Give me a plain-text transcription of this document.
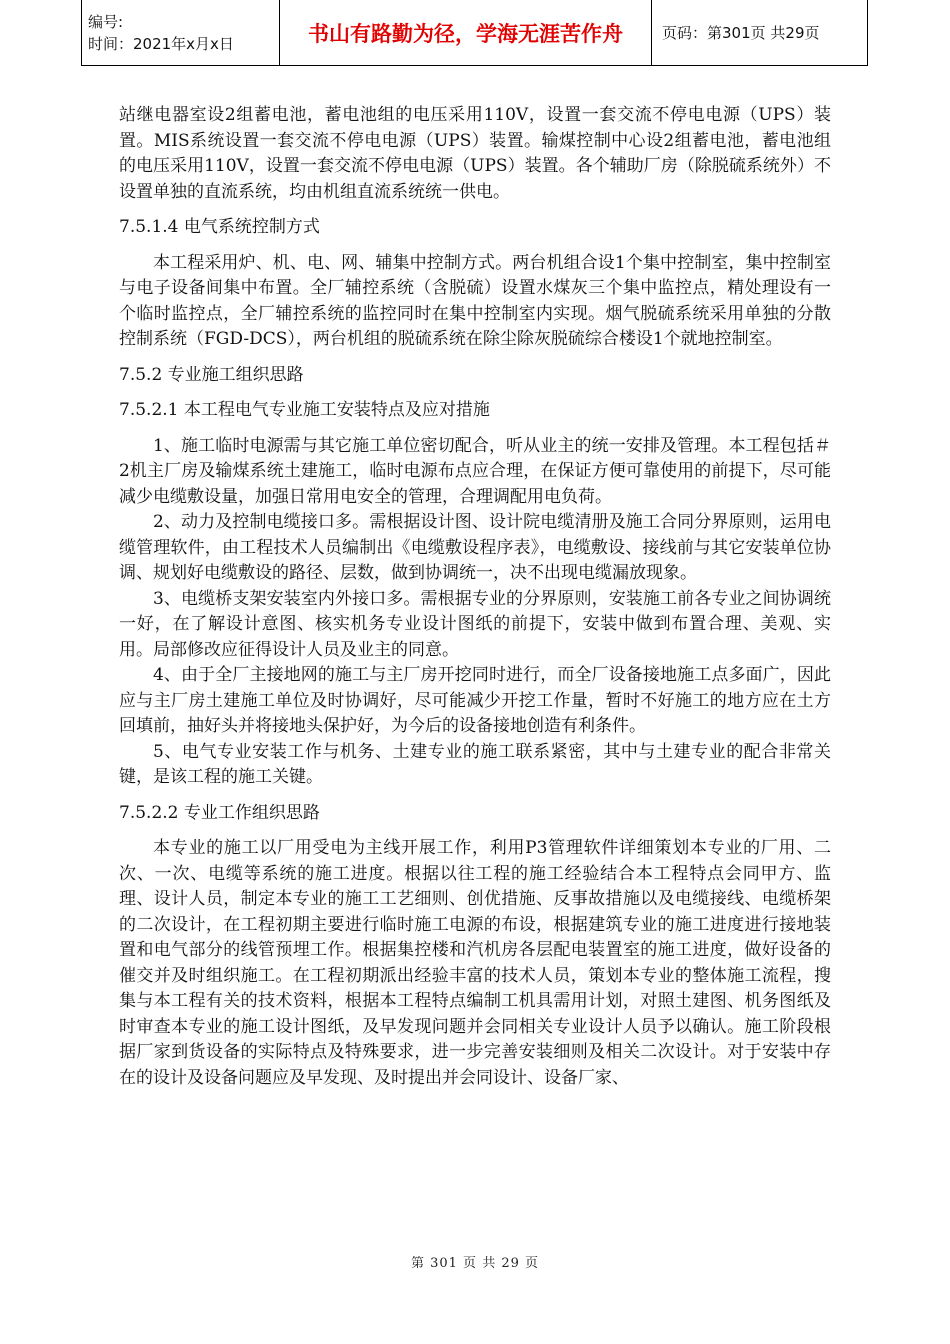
编号:
时间：2021年x月x日	书山有路勤为径，学海无涯苦作舟	页码：第301页 共29页

站继电器室设2组蓄电池，蓄电池组的电压采用110V，设置一套交流不停电电源（UPS）装置。MIS系统设置一套交流不停电电源（UPS）装置。输煤控制中心设2组蓄电池，蓄电池组的电压采用110V，设置一套交流不停电电源（UPS）装置。各个辅助厂房（除脱硫系统外）不设置单独的直流系统，均由机组直流系统统一供电。

7.5.1.4 电气系统控制方式

本工程采用炉、机、电、网、辅集中控制方式。两台机组合设1个集中控制室，集中控制室与电子设备间集中布置。全厂辅控系统（含脱硫）设置水煤灰三个集中监控点，精处理设有一个临时监控点，全厂辅控系统的监控同时在集中控制室内实现。烟气脱硫系统采用单独的分散控制系统（FGD-DCS），两台机组的脱硫系统在除尘除灰脱硫综合楼设1个就地控制室。

7.5.2 专业施工组织思路

7.5.2.1 本工程电气专业施工安装特点及应对措施

1、施工临时电源需与其它施工单位密切配合，听从业主的统一安排及管理。本工程包括＃2机主厂房及输煤系统土建施工，临时电源布点应合理，在保证方便可靠使用的前提下，尽可能减少电缆敷设量，加强日常用电安全的管理，合理调配用电负荷。

2、动力及控制电缆接口多。需根据设计图、设计院电缆清册及施工合同分界原则，运用电缆管理软件，由工程技术人员编制出《电缆敷设程序表》，电缆敷设、接线前与其它安装单位协调、规划好电缆敷设的路径、层数，做到协调统一，决不出现电缆漏放现象。

3、电缆桥支架安装室内外接口多。需根据专业的分界原则，安装施工前各专业之间协调统一好，在了解设计意图、核实机务专业设计图纸的前提下，安装中做到布置合理、美观、实用。局部修改应征得设计人员及业主的同意。

4、由于全厂主接地网的施工与主厂房开挖同时进行，而全厂设备接地施工点多面广，因此应与主厂房土建施工单位及时协调好，尽可能减少开挖工作量，暂时不好施工的地方应在土方回填前，抽好头并将接地头保护好，为今后的设备接地创造有利条件。

5、电气专业安装工作与机务、土建专业的施工联系紧密，其中与土建专业的配合非常关键，是该工程的施工关键。

7.5.2.2 专业工作组织思路

本专业的施工以厂用受电为主线开展工作，利用P3管理软件详细策划本专业的厂用、二次、一次、电缆等系统的施工进度。根据以往工程的施工经验结合本工程特点会同甲方、监理、设计人员，制定本专业的施工工艺细则、创优措施、反事故措施以及电缆接线、电缆桥架的二次设计，在工程初期主要进行临时施工电源的布设，根据建筑专业的施工进度进行接地装置和电气部分的线管预埋工作。根据集控楼和汽机房各层配电装置室的施工进度，做好设备的催交并及时组织施工。在工程初期派出经验丰富的技术人员，策划本专业的整体施工流程，搜集与本工程有关的技术资料，根据本工程特点编制工机具需用计划，对照土建图、机务图纸及时审查本专业的施工设计图纸，及早发现问题并会同相关专业设计人员予以确认。施工阶段根据厂家到货设备的实际特点及特殊要求，进一步完善安装细则及相关二次设计。对于安装中存在的设计及设备问题应及早发现、及时提出并会同设计、设备厂家、

第 301 页 共 29 页
